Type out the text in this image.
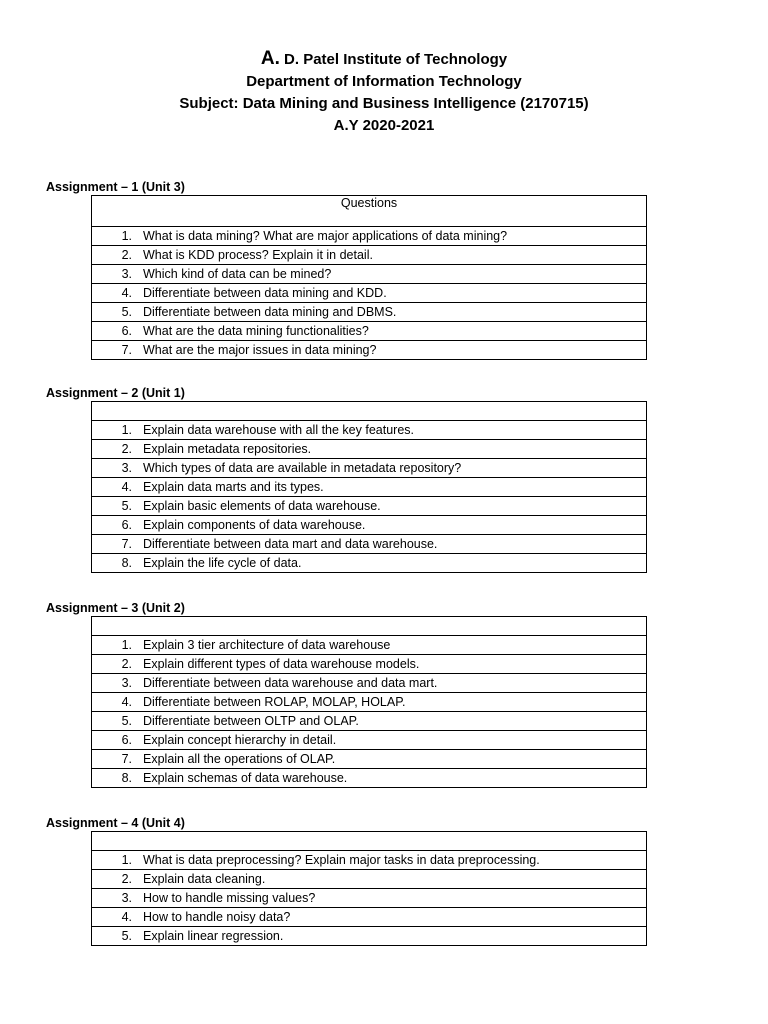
A. D. Patel Institute of Technology
Department of Information Technology
Subject: Data Mining and Business Intelligence (2170715)
A.Y 2020-2021
Assignment – 1 (Unit 3)
Questions

1. What is data mining? What are major applications of data mining?

2. What is KDD process? Explain it in detail.

3. Which kind of data can be mined?

4. Differentiate between data mining and KDD.

5. Differentiate between data mining and DBMS.

6. What are the data mining functionalities?

7. What are the major issues in data mining?
Assignment – 2 (Unit 1)

1. Explain data warehouse with all the key features.

2. Explain metadata repositories.

3. Which types of data are available in metadata repository?

4. Explain data marts and its types.

5. Explain basic elements of data warehouse.

6. Explain components of data warehouse.

7. Differentiate between data mart and data warehouse.

8. Explain the life cycle of data.
Assignment – 3 (Unit 2)

1. Explain 3 tier architecture of data warehouse

2. Explain different types of data warehouse models.

3. Differentiate between data warehouse and data mart.

4. Differentiate between ROLAP, MOLAP, HOLAP.

5. Differentiate between OLTP and OLAP.

6. Explain concept hierarchy in detail.

7. Explain all the operations of OLAP.

8. Explain schemas of data warehouse.
Assignment – 4 (Unit 4)

1. What is data preprocessing? Explain major tasks in data preprocessing.

2. Explain data cleaning.

3. How to handle missing values?

4. How to handle noisy data?

5. Explain linear regression.
